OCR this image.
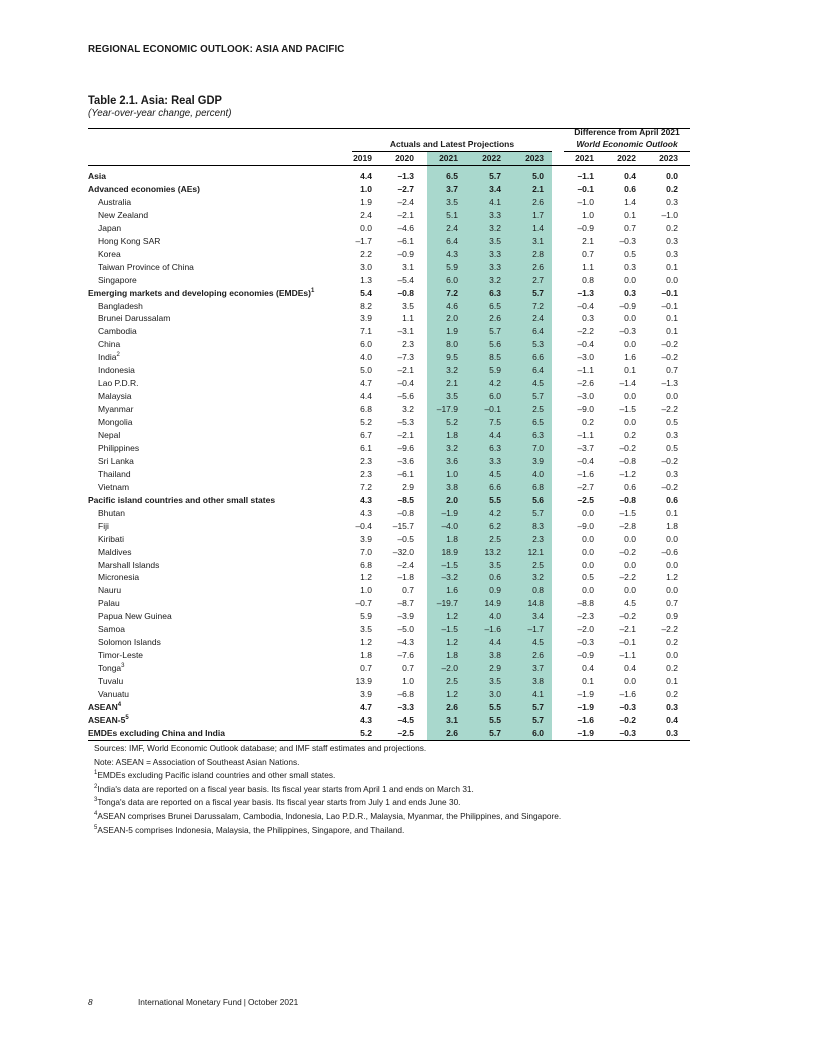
REGIONAL ECONOMIC OUTLOOK: ASIA AND PACIFIC
Table 2.1. Asia: Real GDP
(Year-over-year change, percent)
Actuals and Latest Projections
Difference from April 2021
World Economic Outlook
2019	2020	2021	2022	2023	2021	2022	2023
Asia	4.4	–1.3	6.5	5.7	5.0	–1.1	0.4	0.0
Advanced economies (AEs)	1.0	–2.7	3.7	3.4	2.1	–0.1	0.6	0.2
Australia	1.9	–2.4	3.5	4.1	2.6	–1.0	1.4	0.3
New Zealand	2.4	–2.1	5.1	3.3	1.7	1.0	0.1	–1.0
Japan	0.0	–4.6	2.4	3.2	1.4	–0.9	0.7	0.2
Hong Kong SAR	–1.7	–6.1	6.4	3.5	3.1	2.1	–0.3	0.3
Korea	2.2	–0.9	4.3	3.3	2.8	0.7	0.5	0.3
Taiwan Province of China	3.0	3.1	5.9	3.3	2.6	1.1	0.3	0.1
Singapore	1.3	–5.4	6.0	3.2	2.7	0.8	0.0	0.0
Emerging markets and developing economies (EMDEs)$^1$	5.4	–0.8	7.2	6.3	5.7	–1.3	0.3	–0.1
Bangladesh	8.2	3.5	4.6	6.5	7.2	–0.4	–0.9	–0.1
Brunei Darussalam	3.9	1.1	2.0	2.6	2.4	0.3	0.0	0.1
Cambodia	7.1	–3.1	1.9	5.7	6.4	–2.2	–0.3	0.1
China	6.0	2.3	8.0	5.6	5.3	–0.4	0.0	–0.2
India$^2$	4.0	–7.3	9.5	8.5	6.6	–3.0	1.6	–0.2
Indonesia	5.0	–2.1	3.2	5.9	6.4	–1.1	0.1	0.7
Lao P.D.R.	4.7	–0.4	2.1	4.2	4.5	–2.6	–1.4	–1.3
Malaysia	4.4	–5.6	3.5	6.0	5.7	–3.0	0.0	0.0
Myanmar	6.8	3.2	–17.9	–0.1	2.5	–9.0	–1.5	–2.2
Mongolia	5.2	–5.3	5.2	7.5	6.5	0.2	0.0	0.5
Nepal	6.7	–2.1	1.8	4.4	6.3	–1.1	0.2	0.3
Philippines	6.1	–9.6	3.2	6.3	7.0	–3.7	–0.2	0.5
Sri Lanka	2.3	–3.6	3.6	3.3	3.9	–0.4	–0.8	–0.2
Thailand	2.3	–6.1	1.0	4.5	4.0	–1.6	–1.2	0.3
Vietnam	7.2	2.9	3.8	6.6	6.8	–2.7	0.6	–0.2
Pacific island countries and other small states	4.3	–8.5	2.0	5.5	5.6	–2.5	–0.8	0.6
Bhutan	4.3	–0.8	–1.9	4.2	5.7	0.0	–1.5	0.1
Fiji	–0.4	–15.7	–4.0	6.2	8.3	–9.0	–2.8	1.8
Kiribati	3.9	–0.5	1.8	2.5	2.3	0.0	0.0	0.0
Maldives	7.0	–32.0	18.9	13.2	12.1	0.0	–0.2	–0.6
Marshall Islands	6.8	–2.4	–1.5	3.5	2.5	0.0	0.0	0.0
Micronesia	1.2	–1.8	–3.2	0.6	3.2	0.5	–2.2	1.2
Nauru	1.0	0.7	1.6	0.9	0.8	0.0	0.0	0.0
Palau	–0.7	–8.7	–19.7	14.9	14.8	–8.8	4.5	0.7
Papua New Guinea	5.9	–3.9	1.2	4.0	3.4	–2.3	–0.2	0.9
Samoa	3.5	–5.0	–1.5	–1.6	–1.7	–2.0	–2.1	–2.2
Solomon Islands	1.2	–4.3	1.2	4.4	4.5	–0.3	–0.1	0.2
Timor-Leste	1.8	–7.6	1.8	3.8	2.6	–0.9	–1.1	0.0
Tonga$^3$	0.7	0.7	–2.0	2.9	3.7	0.4	0.4	0.2
Tuvalu	13.9	1.0	2.5	3.5	3.8	0.1	0.0	0.1
Vanuatu	3.9	–6.8	1.2	3.0	4.1	–1.9	–1.6	0.2
ASEAN$^4$	4.7	–3.3	2.6	5.5	5.7	–1.9	–0.3	0.3
ASEAN-$5^5$	4.3	–4.5	3.1	5.5	5.7	–1.6	–0.2	0.4
EMDEs excluding China and India	5.2	–2.5	2.6	5.7	6.0	–1.9	–0.3	0.3
Sources: IMF, World Economic Outlook database; and IMF staff estimates and projections.
Note: ASEAN = Association of Southeast Asian Nations.
$^1$EMDEs excluding Pacific island countries and other small states.
$^2$India's data are reported on a fiscal year basis. Its fiscal year starts from April 1 and ends on March 31.
$^3$Tonga's data are reported on a fiscal year basis. Its fiscal year starts from July 1 and ends June 30.
$^4$ASEAN comprises Brunei Darussalam, Cambodia, Indonesia, Lao P.D.R., Malaysia, Myanmar, the Philippines, and Singapore.
$^5$ASEAN-5 comprises Indonesia, Malaysia, the Philippines, Singapore, and Thailand.
8	International Monetary Fund | October 2021
